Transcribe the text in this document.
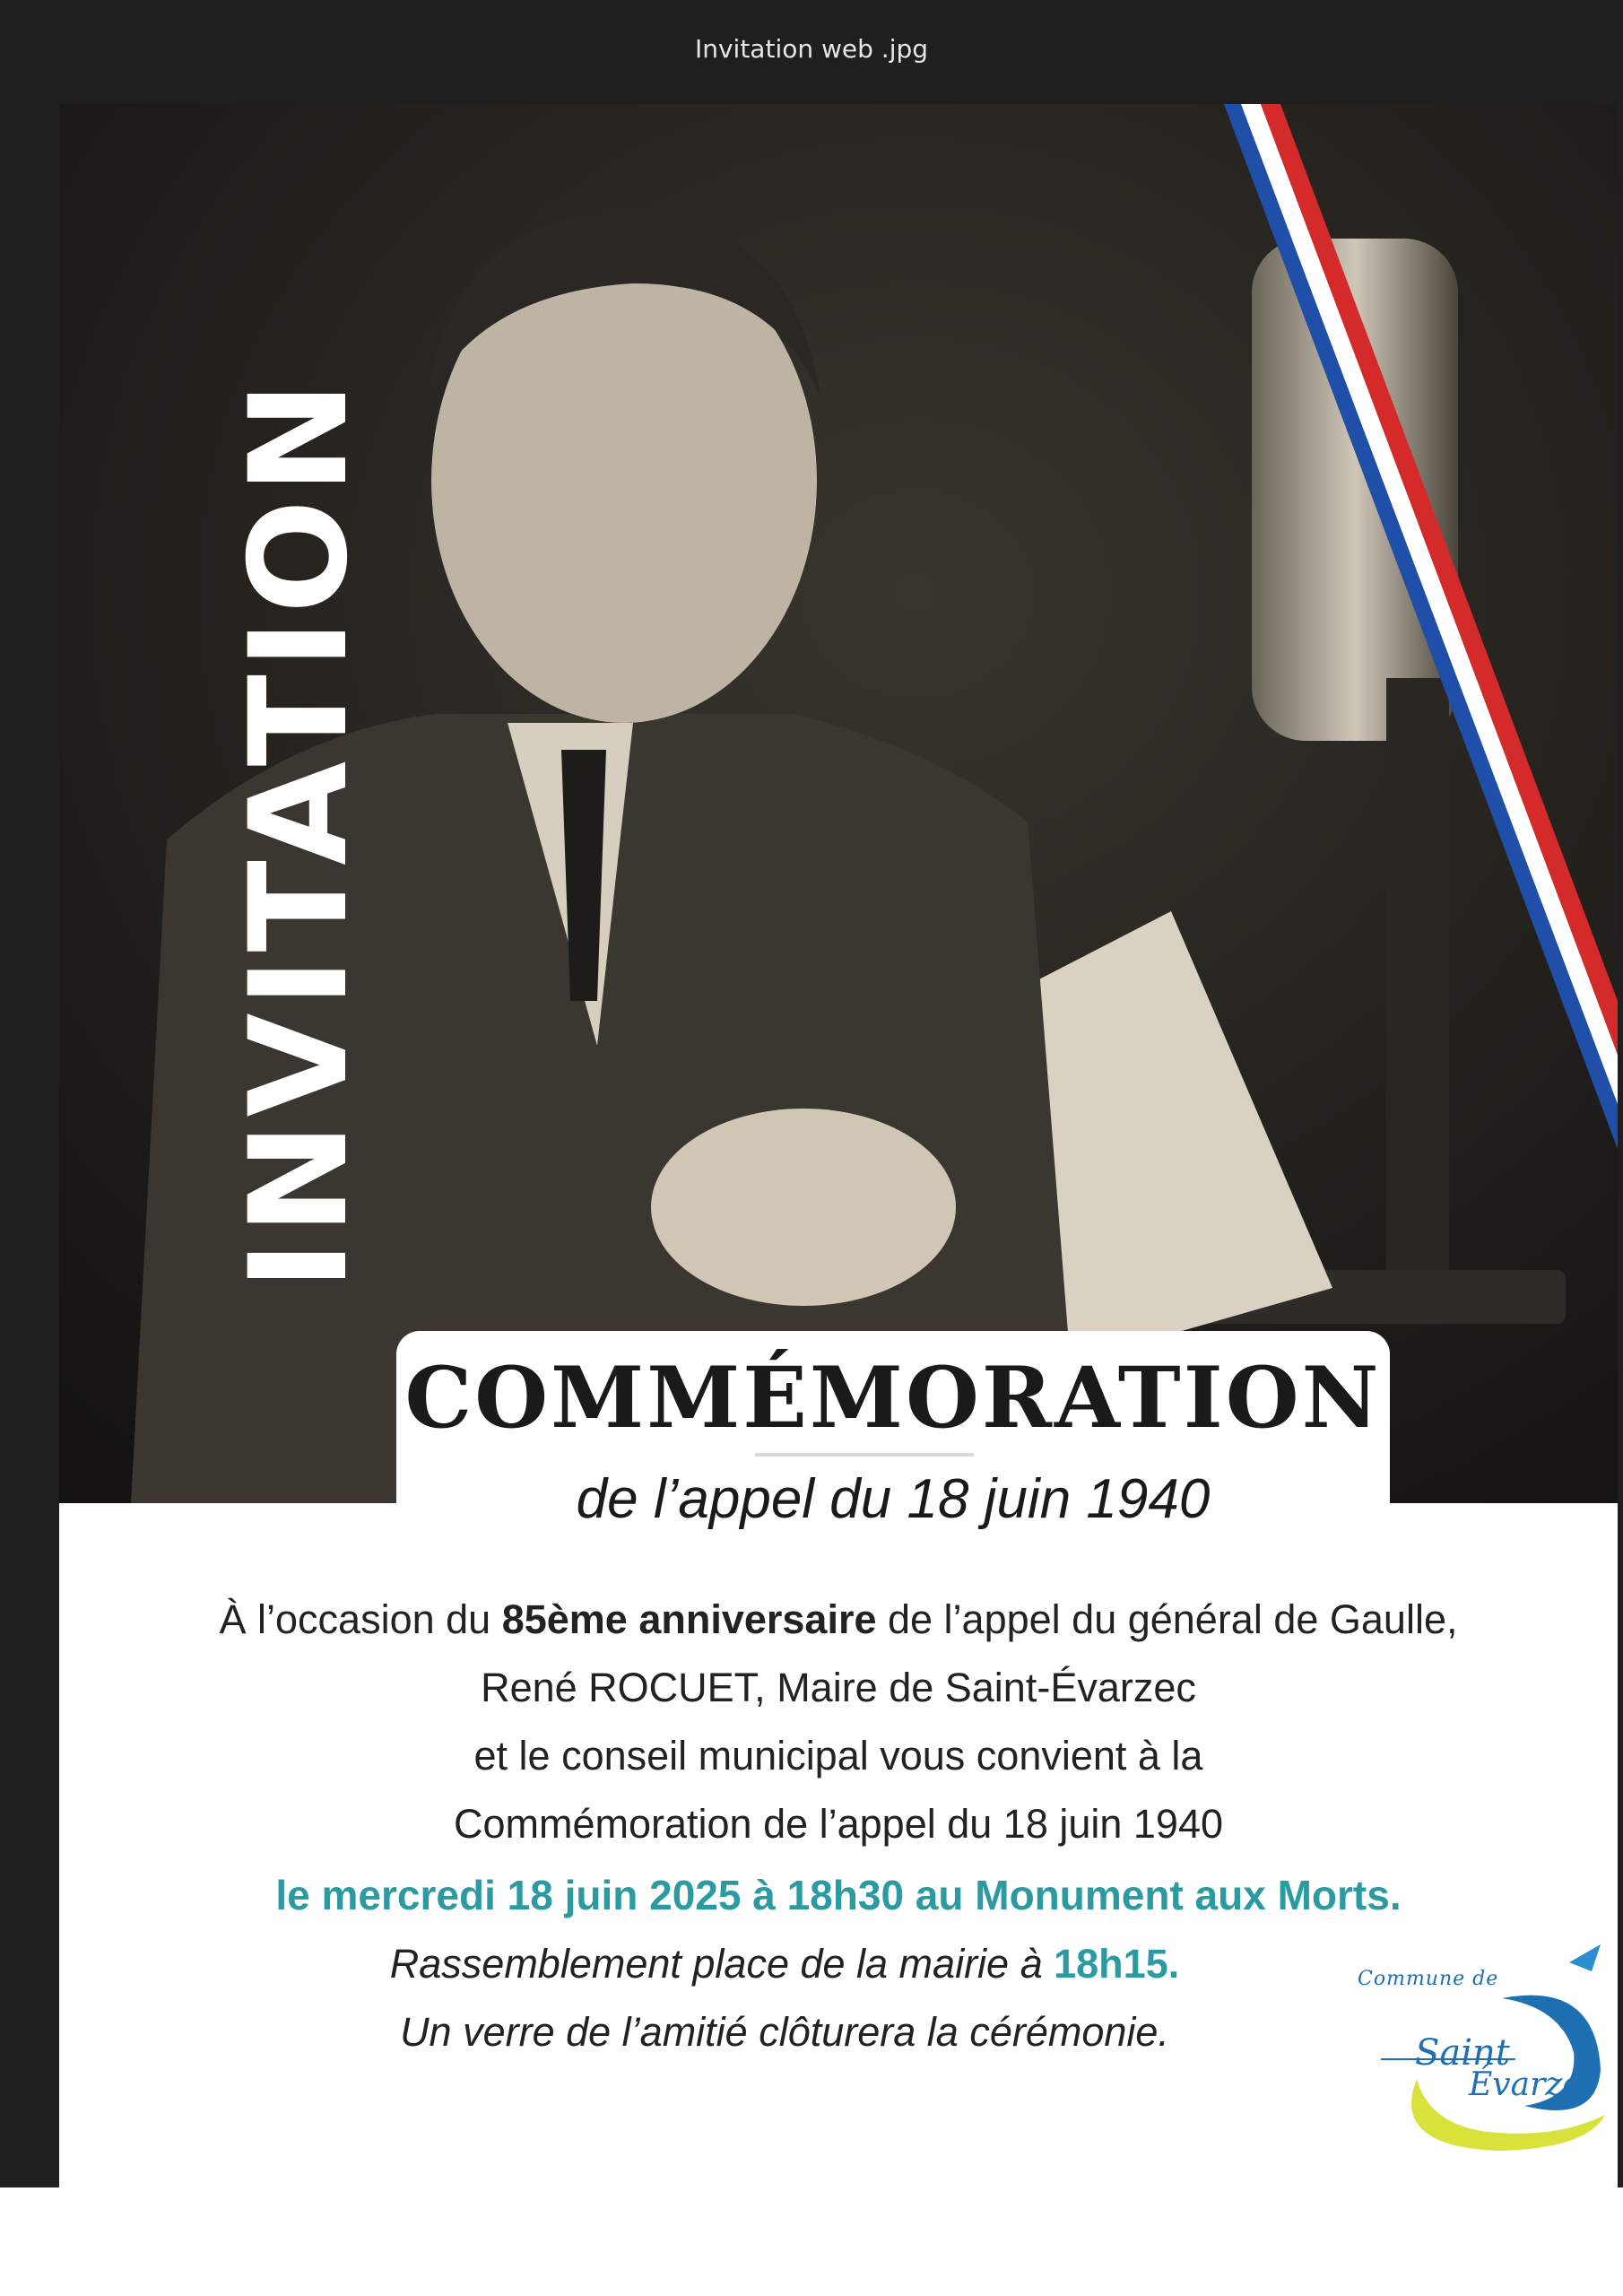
Invitation web .jpg
INVITATION
COMMÉMORATION
de l’appel du 18 juin 1940
À l’occasion du 85ème anniversaire de l’appel du général de Gaulle,
René ROCUET, Maire de Saint-Évarzec
et le conseil municipal vous convient à la
Commémoration de l’appel du 18 juin 1940
le mercredi 18 juin 2025 à 18h30 au Monument aux Morts.
Rassemblement place de la mairie à 18h15.
Un verre de l’amitié clôturera la cérémonie.
Commune de
Saint
Évarze
